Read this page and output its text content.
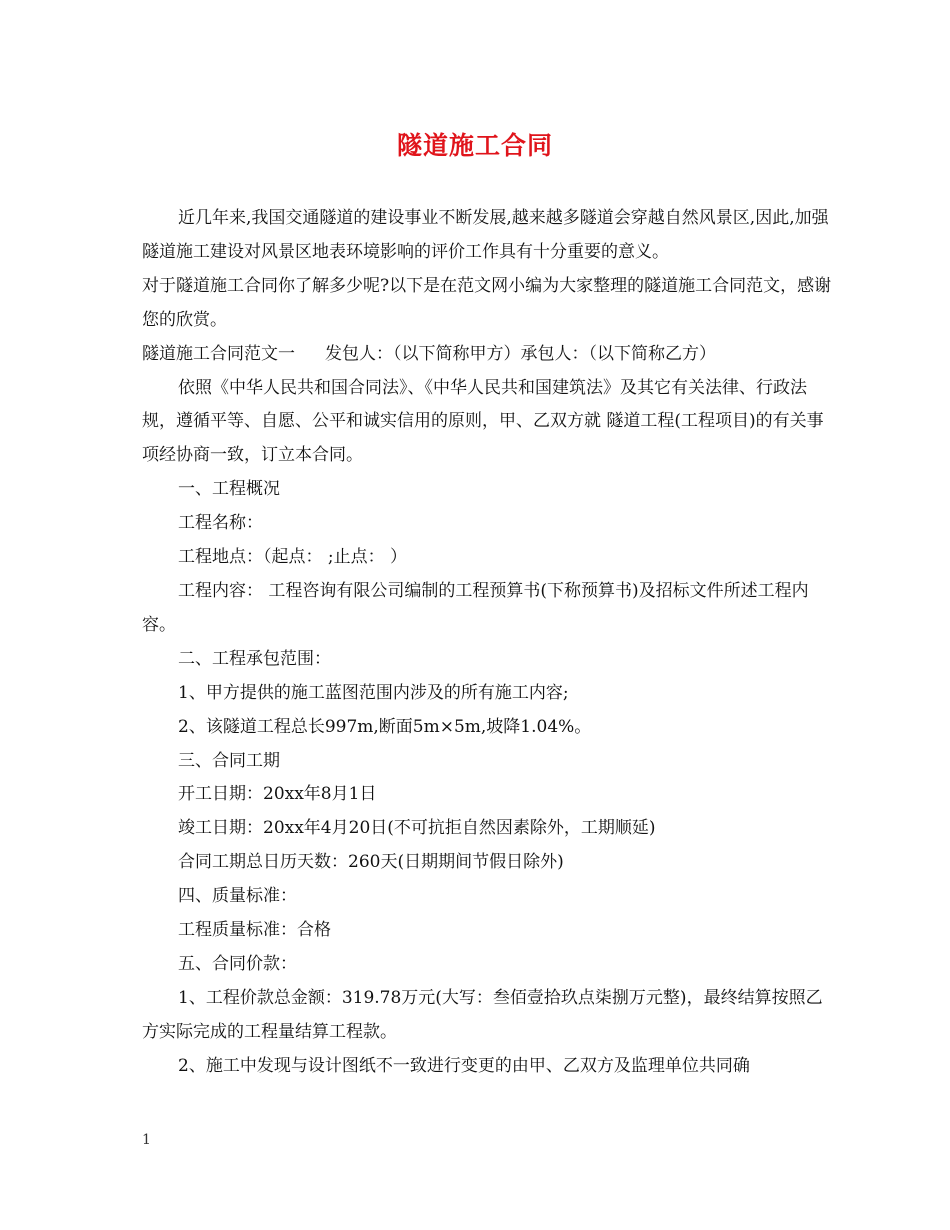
隧道施工合同

近几年来,我国交通隧道的建设事业不断发展,越来越多隧道会穿越自然风景区,因此,加强隧道施工建设对风景区地表环境影响的评价工作具有十分重要的意义。

对于隧道施工合同你了解多少呢?以下是在范文网小编为大家整理的隧道施工合同范文，感谢您的欣赏。

隧道施工合同范文一 发包人：（以下简称甲方）承包人：（以下简称乙方）

依照《中华人民共和国合同法》、《中华人民共和国建筑法》及其它有关法律、行政法规，遵循平等、自愿、公平和诚实信用的原则，甲、乙双方就 隧道工程(工程项目)的有关事项经协商一致，订立本合同。

一、工程概况

工程名称：

工程地点：（起点： ;止点： ）

工程内容： 工程咨询有限公司编制的工程预算书(下称预算书)及招标文件所述工程内容。

二、工程承包范围：

1、甲方提供的施工蓝图范围内涉及的所有施工内容;

2、该隧道工程总长997m,断面5m×5m,坡降1.04%。

三、合同工期

开工日期：20xx年8月1日

竣工日期：20xx年4月20日(不可抗拒自然因素除外，工期顺延)

合同工期总日历天数：260天(日期期间节假日除外)

四、质量标准：

工程质量标准：合格

五、合同价款：

1、工程价款总金额：319.78万元(大写：叁佰壹拾玖点柒捌万元整)，最终结算按照乙方实际完成的工程量结算工程款。

2、施工中发现与设计图纸不一致进行变更的由甲、乙双方及监理单位共同确

1
